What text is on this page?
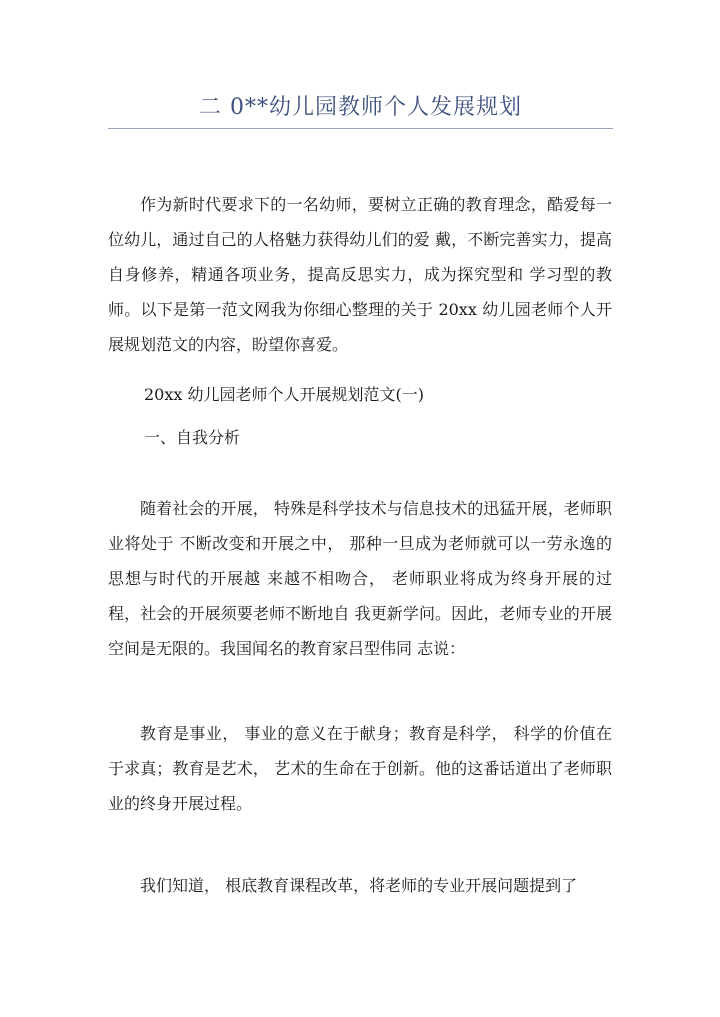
二 0**幼儿园教师个人发展规划

作为新时代要求下的一名幼师，要树立正确的教育理念，酷爱每一位幼儿，通过自己的人格魅力获得幼儿们的爱 戴，不断完善实力，提高自身修养，精通各项业务，提高反思实力，成为探究型和 学习型的教师。以下是第一范文网我为你细心整理的关于 20xx 幼儿园老师个人开展规划范文的内容，盼望你喜爱。

20xx 幼儿园老师个人开展规划范文(一)

一、自我分析

随着社会的开展， 特殊是科学技术与信息技术的迅猛开展，老师职业将处于 不断改变和开展之中， 那种一旦成为老师就可以一劳永逸的思想与时代的开展越 来越不相吻合， 老师职业将成为终身开展的过程，社会的开展须要老师不断地自 我更新学问。因此，老师专业的开展空间是无限的。我国闻名的教育家吕型伟同 志说：

教育是事业， 事业的意义在于献身；教育是科学， 科学的价值在于求真；教育是艺术， 艺术的生命在于创新。他的这番话道出了老师职业的终身开展过程。

我们知道， 根底教育课程改革，将老师的专业开展问题提到了
